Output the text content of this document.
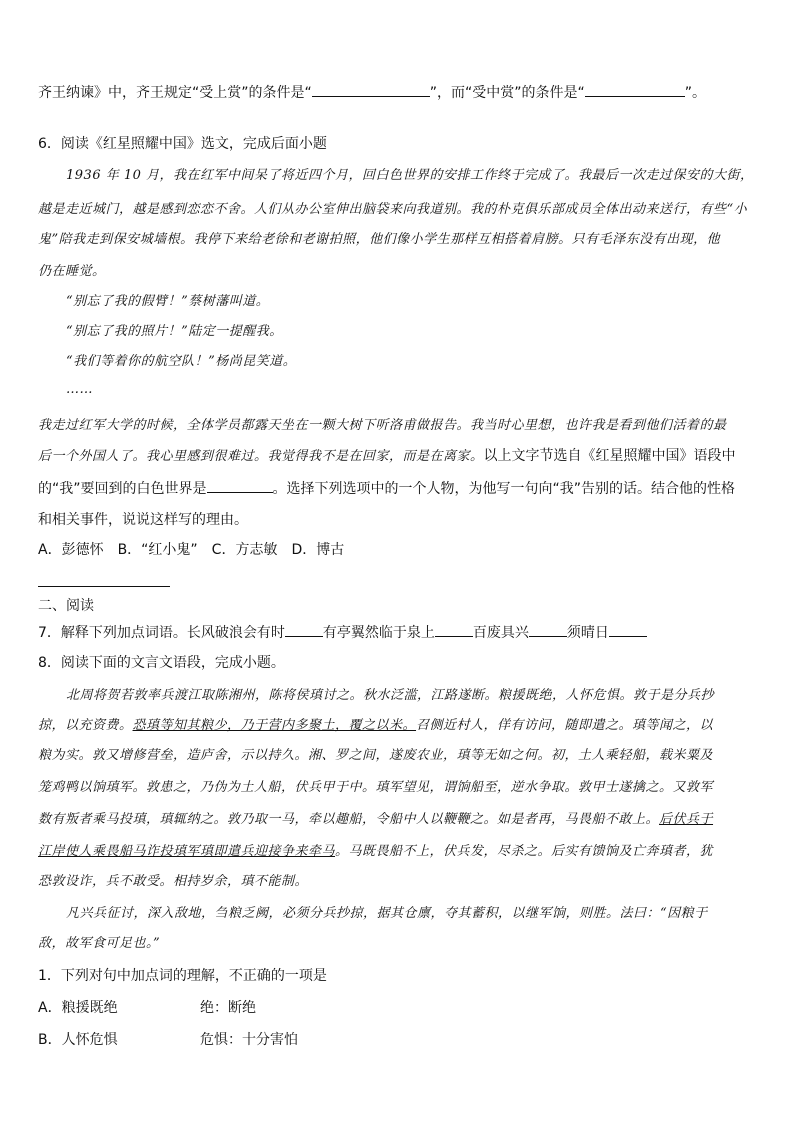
齐王纳谏》中，齐王规定“受上赏”的条件是“	”，而“受中赏”的条件是“	”。
6．阅读《红星照耀中国》选文，完成后面小题
1936 年 10 月，我在红军中间呆了将近四个月，回白色世界的安排工作终于完成了。我最后一次走过保安的大街，
越是走近城门，越是感到恋恋不舍。人们从办公室伸出脑袋来向我道别。我的朴克俱乐部成员全体出动来送行，有些“小
鬼”陪我走到保安城墙根。我停下来给老徐和老谢拍照，他们像小学生那样互相搭着肩膀。只有毛泽东没有出现，他
仍在睡觉。
“别忘了我的假臂！”蔡树藩叫道。
“别忘了我的照片！”陆定一提醒我。
“我们等着你的航空队！”杨尚昆笑道。
……
我走过红军大学的时候，全体学员都露天坐在一颗大树下听洛甫做报告。我当时心里想，也许我是看到他们活着的最
后一个外国人了。我心里感到很难过。我觉得我不是在回家，而是在离家。以上文字节选自《红星照耀中国》语段中
的“我”要回到的白色世界是	。选择下列选项中的一个人物，为他写一句向“我”告别的话。结合他的性格
和相关事件，说说这样写的理由。
A．彭德怀　B．“红小鬼”　C．方志敏　D．博古
二、阅读
7．解释下列加点词语。长风破浪会有时	有亭翼然临于泉上	百废具兴	须晴日
8．阅读下面的文言文语段，完成小题。
北周将贺若敦率兵渡江取陈湘州，陈将侯瑱讨之。秋水泛滥，江路遂断。粮援既绝，人怀危惧。敦于是分兵抄
掠，以充资费。恐瑱等知其粮少，乃于营内多聚土，覆之以米。召侧近村人，佯有访问，随即遣之。瑱等闻之，以
粮为实。敦又增修营垒，造庐舍，示以持久。湘、罗之间，遂废农业，瑱等无如之何。初，土人乘轻船，载米粟及
笼鸡鸭以饷瑱军。敦患之，乃伪为土人船，伏兵甲于中。瑱军望见，谓饷船至，逆水争取。敦甲士遂擒之。又敦军
数有叛者乘马投瑱，瑱辄纳之。敦乃取一马，牵以趣船，令船中人以鞭鞭之。如是者再，马畏船不敢上。后伏兵于
江岸使人乘畏船马诈投瑱军瑱即遣兵迎接争来牵马。马既畏船不上，伏兵发，尽杀之。后实有馈饷及亡奔瑱者，犹
恐敦设诈，兵不敢受。相持岁余，瑱不能制。
凡兴兵征讨，深入敌地，刍粮乏阙，必须分兵抄掠，据其仓廪，夺其蓄积，以继军饷，则胜。法曰：“因粮于
敌，故军食可足也。”
1．下列对句中加点词的理解，不正确的一项是
A．粮援既绝	绝：断绝
B．人怀危惧	危惧：十分害怕
